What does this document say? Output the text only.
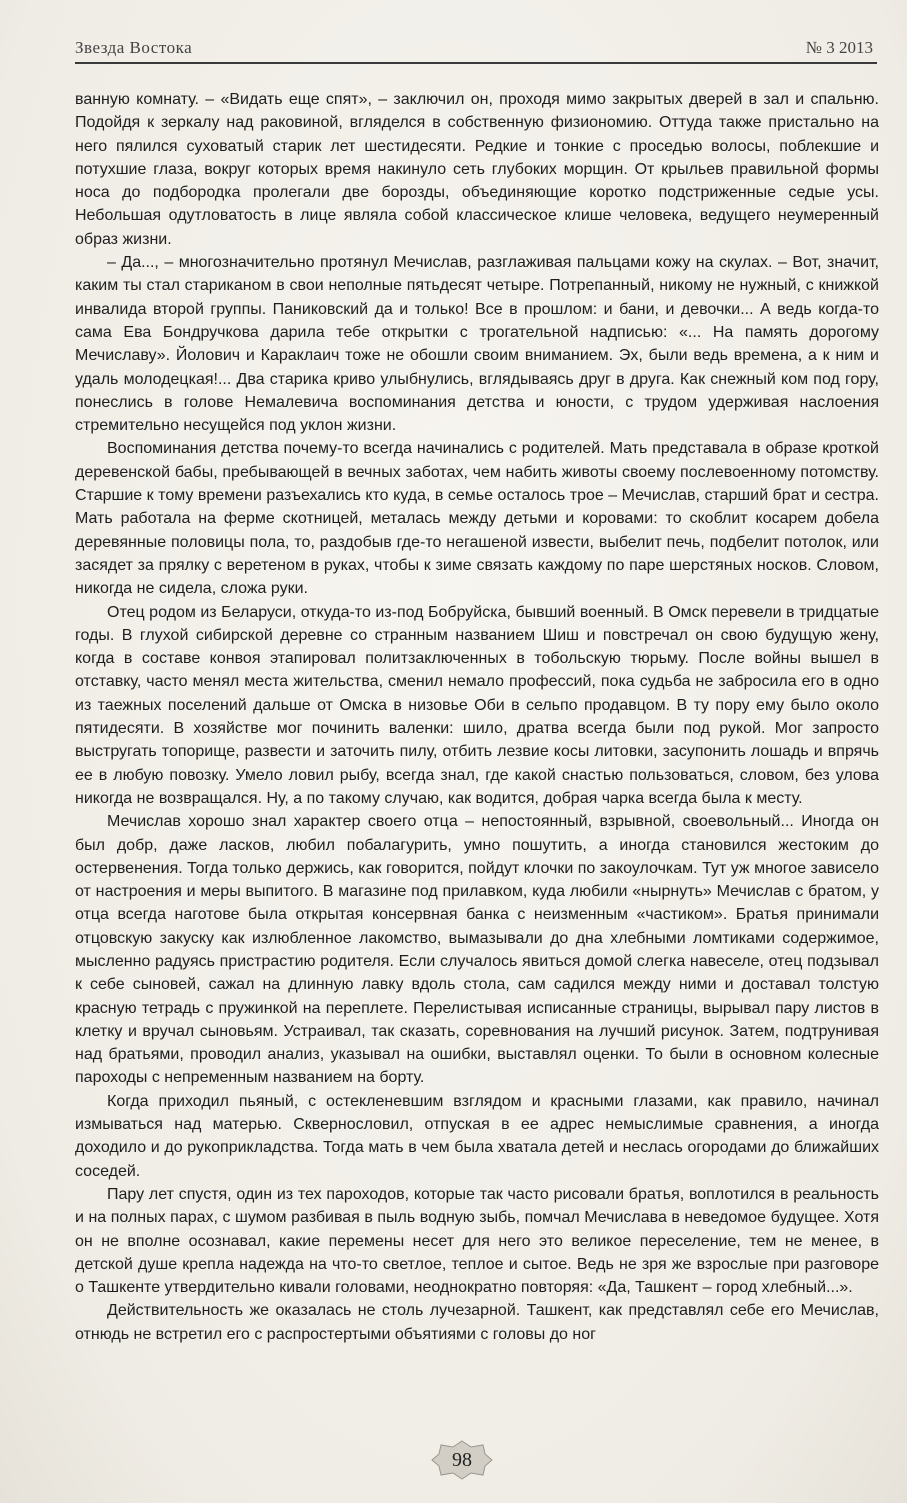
Звезда Востока	№ 3 2013

ванную комнату. – «Видать еще спят», – заключил он, проходя мимо закрытых дверей в зал и спальню. Подойдя к зеркалу над раковиной, вгляделся в собственную физиономию. Оттуда также пристально на него пялился суховатый старик лет шестидесяти. Редкие и тонкие с проседью волосы, поблекшие и потухшие глаза, вокруг которых время накинуло сеть глубоких морщин. От крыльев правильной формы носа до подбородка пролегали две борозды, объединяющие коротко подстриженные седые усы. Небольшая одутловатость в лице являла собой классическое клише человека, ведущего неумеренный образ жизни.

– Да..., – многозначительно протянул Мечислав, разглаживая пальцами кожу на скулах. – Вот, значит, каким ты стал стариканом в свои неполные пятьдесят четыре. Потрепанный, никому не нужный, с книжкой инвалида второй группы. Паниковский да и только! Все в прошлом: и бани, и девочки... А ведь когда-то сама Ева Бондручкова дарила тебе открытки с трогательной надписью: «... На память дорогому Мечиславу». Йолович и Караклаич тоже не обошли своим вниманием. Эх, были ведь времена, а к ним и удаль молодецкая!... Два старика криво улыбнулись, вглядываясь друг в друга. Как снежный ком под гору, понеслись в голове Немалевича воспоминания детства и юности, с трудом удерживая наслоения стремительно несущейся под уклон жизни.

Воспоминания детства почему-то всегда начинались с родителей. Мать представала в образе кроткой деревенской бабы, пребывающей в вечных заботах, чем набить животы своему послевоенному потомству. Старшие к тому времени разъехались кто куда, в семье осталось трое – Мечислав, старший брат и сестра. Мать работала на ферме скотницей, металась между детьми и коровами: то скоблит косарем добела деревянные половицы пола, то, раздобыв где-то негашеной извести, выбелит печь, подбелит потолок, или засядет за прялку с веретеном в руках, чтобы к зиме связать каждому по паре шерстяных носков. Словом, никогда не сидела, сложа руки.

Отец родом из Беларуси, откуда-то из-под Бобруйска, бывший военный. В Омск перевели в тридцатые годы. В глухой сибирской деревне со странным названием Шиш и повстречал он свою будущую жену, когда в составе конвоя этапировал политзаключенных в тобольскую тюрьму. После войны вышел в отставку, часто менял места жительства, сменил немало профессий, пока судьба не забросила его в одно из таежных поселений дальше от Омска в низовье Оби в сельпо продавцом. В ту пору ему было около пятидесяти. В хозяйстве мог починить валенки: шило, дратва всегда были под рукой. Мог запросто выстругать топорище, развести и заточить пилу, отбить лезвие косы литовки, засупонить лошадь и впрячь ее в любую повозку. Умело ловил рыбу, всегда знал, где какой снастью пользоваться, словом, без улова никогда не возвращался. Ну, а по такому случаю, как водится, добрая чарка всегда была к месту.

Мечислав хорошо знал характер своего отца – непостоянный, взрывной, своевольный... Иногда он был добр, даже ласков, любил побалагурить, умно пошутить, а иногда становился жестоким до остервенения. Тогда только держись, как говорится, пойдут клочки по закоулочкам. Тут уж многое зависело от настроения и меры выпитого. В магазине под прилавком, куда любили «нырнуть» Мечислав с братом, у отца всегда наготове была открытая консервная банка с неизменным «частиком». Братья принимали отцовскую закуску как излюбленное лакомство, вымазывали до дна хлебными ломтиками содержимое, мысленно радуясь пристрастию родителя. Если случалось явиться домой слегка навеселе, отец подзывал к себе сыновей, сажал на длинную лавку вдоль стола, сам садился между ними и доставал толстую красную тетрадь с пружинкой на переплете. Перелистывая исписанные страницы, вырывал пару листов в клетку и вручал сыновьям. Устраивал, так сказать, соревнования на лучший рисунок. Затем, подтрунивая над братьями, проводил анализ, указывал на ошибки, выставлял оценки. То были в основном колесные пароходы с непременным названием на борту.

Когда приходил пьяный, с остекленевшим взглядом и красными глазами, как правило, начинал измываться над матерью. Сквернословил, отпуская в ее адрес немыслимые сравнения, а иногда доходило и до рукоприкладства. Тогда мать в чем была хватала детей и неслась огородами до ближайших соседей.

Пару лет спустя, один из тех пароходов, которые так часто рисовали братья, воплотился в реальность и на полных парах, с шумом разбивая в пыль водную зыбь, помчал Мечислава в неведомое будущее. Хотя он не вполне осознавал, какие перемены несет для него это великое переселение, тем не менее, в детской душе крепла надежда на что-то светлое, теплое и сытое. Ведь не зря же взрослые при разговоре о Ташкенте утвердительно кивали головами, неоднократно повторяя: «Да, Ташкент – город хлебный...».

Действительность же оказалась не столь лучезарной. Ташкент, как представлял себе его Мечислав, отнюдь не встретил его с распростертыми объятиями с головы до ног

98
